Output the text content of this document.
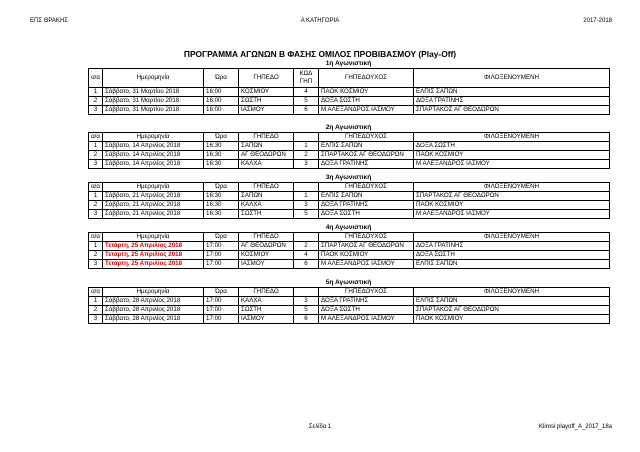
ΕΠΣ ΘΡΑΚΗΣ	Α ΚΑΤΗΓΟΡΙΑ	2017-2018
ΠΡΟΓΡΑΜΜΑ ΑΓΩΝΩΝ Β ΦΑΣΗΣ ΟΜΙΛΟΣ ΠΡΟΒΙΒΑΣΜΟΥ (Play-Off)
1η Αγωνιστική
α/α	Ημερομηνία	Ώρα	ΓΗΠΕΔΟ	ΚΩΔ
ΓΗΠ	ΓΗΠΕΔΟΥΧΟΣ	ΦΙΛΟΞΕΝΟΥΜΕΝΗ
1	Σάββατο, 31 Μαρτίου 2018	16:00	ΚΟΣΜΙΟΥ	4	ΠΑΟΚ ΚΟΣΜΙΟΥ	ΕΛΠΙΣ ΣΑΠΩΝ
2	Σάββατο, 31 Μαρτίου 2018	16:00	ΣΩΣΤΗ	5	ΔΟΞΑ ΣΩΣΤΗ	ΔΟΞΑ ΓΡΑΤΙΝΗΣ
3	Σάββατο, 31 Μαρτίου 2018	16:00	ΙΑΣΜΟΥ	6	Μ ΑΛΕΞΑΝΔΡΟΣ ΙΑΣΜΟΥ	ΣΠΑΡΤΑΚΟΣ ΑΓ ΘΕΟΔΩΡΩΝ
2η Αγωνιστική
α/α	Ημερομηνία	Ώρα	ΓΗΠΕΔΟ		ΓΗΠΕΔΟΥΧΟΣ	ΦΙΛΟΞΕΝΟΥΜΕΝΗ
1	Σάββατο, 14 Απριλίος 2018	16:30	ΣΑΠΩΝ	1	ΕΛΠΙΣ ΣΑΠΩΝ	ΔΟΞΑ ΣΩΣΤΗ
2	Σάββατο, 14 Απριλίος 2018	16:30	ΑΓ ΘΕΟΔΩΡΩΝ	2	ΣΠΑΡΤΑΚΟΣ ΑΓ ΘΕΟΔΩΡΩΝ	ΠΑΟΚ ΚΟΣΜΙΟΥ
3	Σάββατο, 14 Απριλίος 2018	16:30	ΚΑΛΧΑ	3	ΔΟΞΑ ΓΡΑΤΙΝΗΣ	Μ ΑΛΕΞΑΝΔΡΟΣ ΙΑΣΜΟΥ
3η Αγωνιστική
α/α	Ημερομηνία	Ώρα	ΓΗΠΕΔΟ		ΓΗΠΕΔΟΥΧΟΣ	ΦΙΛΟΞΕΝΟΥΜΕΝΗ
1	Σάββατο, 21 Απριλίος 2018	16:30	ΣΑΠΩΝ	1	ΕΛΠΙΣ ΣΑΠΩΝ	ΣΠΑΡΤΑΚΟΣ ΑΓ ΘΕΟΔΩΡΩΝ
2	Σάββατο, 21 Απριλίος 2018	16:30	ΚΑΛΧΑ	3	ΔΟΞΑ ΓΡΑΤΙΝΗΣ	ΠΑΟΚ ΚΟΣΜΙΟΥ
3	Σάββατο, 21 Απριλίος 2018	16:30	ΣΩΣΤΗ	5	ΔΟΞΑ ΣΩΣΤΗ	Μ ΑΛΕΞΑΝΔΡΟΣ ΙΑΣΜΟΥ
4η Αγωνιστική
α/α	Ημερομηνία	Ώρα	ΓΗΠΕΔΟ		ΓΗΠΕΔΟΥΧΟΣ	ΦΙΛΟΞΕΝΟΥΜΕΝΗ
1	Τετάρτη, 25 Απριλίος 2018	17:00	ΑΓ ΘΕΟΔΩΡΩΝ	2	ΣΠΑΡΤΑΚΟΣ ΑΓ ΘΕΟΔΩΡΩΝ	ΔΟΞΑ ΓΡΑΤΙΝΗΣ
2	Τετάρτη, 25 Απριλίος 2018	17:00	ΚΟΣΜΙΟΥ	4	ΠΑΟΚ ΚΟΣΜΙΟΥ	ΔΟΞΑ ΣΩΣΤΗ
3	Τετάρτη, 25 Απριλίος 2018	17:00	ΙΑΣΜΟΥ	6	Μ ΑΛΕΞΑΝΔΡΟΣ ΙΑΣΜΟΥ	ΕΛΠΙΣ ΣΑΠΩΝ
5η Αγωνιστική
α/α	Ημερομηνία	Ώρα	ΓΗΠΕΔΟ		ΓΗΠΕΔΟΥΧΟΣ	ΦΙΛΟΞΕΝΟΥΜΕΝΗ
1	Σάββατο, 28 Απριλίος 2018	17:00	ΚΑΛΧΑ	3	ΔΟΞΑ ΓΡΑΤΙΝΗΣ	ΕΛΠΙΣ ΣΑΠΩΝ
2	Σάββατο, 28 Απριλίος 2018	17:00	ΣΩΣΤΗ	5	ΔΟΞΑ ΣΩΣΤΗ	ΣΠΑΡΤΑΚΟΣ ΑΓ ΘΕΟΔΩΡΩΝ
3	Σάββατο, 28 Απριλίος 2018	17:00	ΙΑΣΜΟΥ	6	Μ ΑΛΕΞΑΝΔΡΟΣ ΙΑΣΜΟΥ	ΠΑΟΚ ΚΟΣΜΙΟΥ
Σελίδα 1	Klirosi playoff_A_2017_18a
